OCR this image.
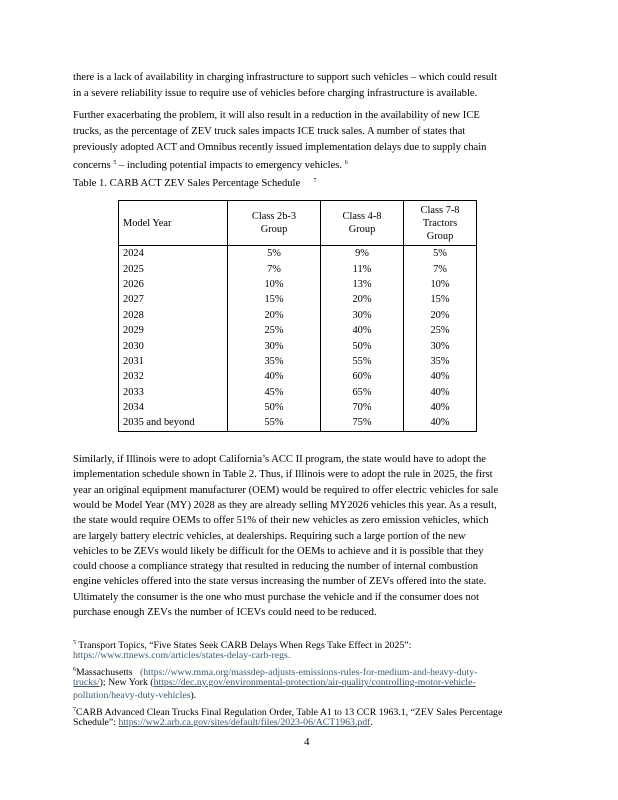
there is a lack of availability in charging infrastructure to support such vehicles – which could result
in a severe reliability issue to require use of vehicles before charging infrastructure is available.
Further exacerbating the problem, it will also result in a reduction in the availability of new ICE
trucks, as the percentage of ZEV truck sales impacts ICE truck sales. A number of states that
previously adopted ACT and Omnibus recently issued implementation delays due to supply chain
concerns $^5$ – including potential impacts to emergency vehicles. $^6$
Table 1. CARB ACT ZEV Sales Percentage Schedule $^7$
Model Year	Class 2b-3 Group	Class 4-8 Group	Class 7-8 Tractors Group
2024	5%	9%	5%
2025	7%	11%	7%
2026	10%	13%	10%
2027	15%	20%	15%
2028	20%	30%	20%
2029	25%	40%	25%
2030	30%	50%	30%
2031	35%	55%	35%
2032	40%	60%	40%
2033	45%	65%	40%
2034	50%	70%	40%
2035 and beyond	55%	75%	40%
Similarly, if Illinois were to adopt California’s ACC II program, the state would have to adopt the
implementation schedule shown in Table 2. Thus, if Illinois were to adopt the rule in 2025, the first
year an original equipment manufacturer (OEM) would be required to offer electric vehicles for sale
would be Model Year (MY) 2028 as they are already selling MY2026 vehicles this year. As a result,
the state would require OEMs to offer 51% of their new vehicles as zero emission vehicles, which
are largely battery electric vehicles, at dealerships. Requiring such a large portion of the new
vehicles to be ZEVs would likely be difficult for the OEMs to achieve and it is possible that they
could choose a compliance strategy that resulted in reducing the number of internal combustion
engine vehicles offered into the state versus increasing the number of ZEVs offered into the state.
Ultimately the consumer is the one who must purchase the vehicle and if the consumer does not
purchase enough ZEVs the number of ICEVs could need to be reduced.
$^5$ Transport Topics, “Five States Seek CARB Delays When Regs Take Effect in 2025”:
https://www.ttnews.com/articles/states-delay-carb-regs.
$^6$Massachusetts (https://www.mma.org/massdep-adjusts-emissions-rules-for-medium-and-heavy-duty-
trucks/); New York (https://dec.ny.gov/environmental-protection/air-quality/controlling-motor-vehicle-
pollution/heavy-duty-vehicles).
$^7$CARB Advanced Clean Trucks Final Regulation Order, Table A1 to 13 CCR 1963.1, “ZEV Sales Percentage
Schedule”: https://ww2.arb.ca.gov/sites/default/files/2023-06/ACT1963.pdf.
4
